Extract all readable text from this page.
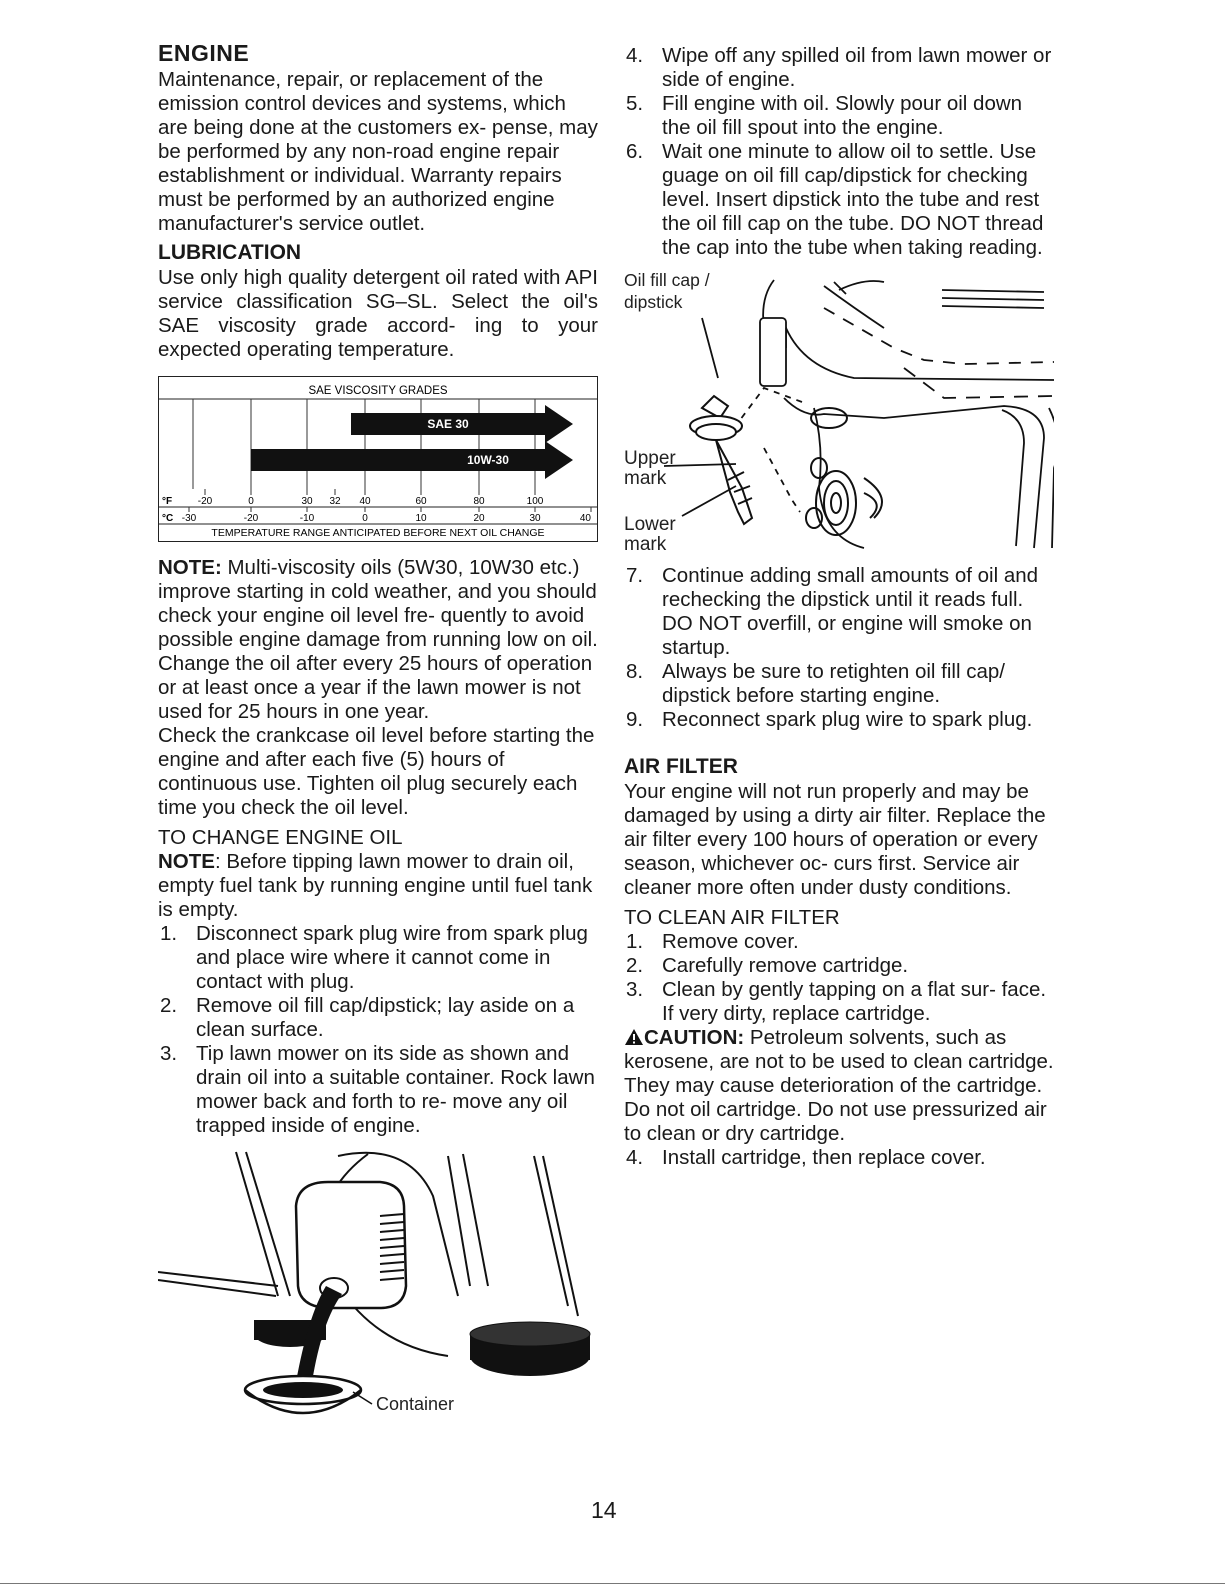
ENGINE

Maintenance, repair, or replacement of the emission control devices and systems, which are being done at the customers ex- pense, may be performed by any non-road engine repair establishment or individual. Warranty repairs must be performed by an authorized engine manufacturer's service outlet.

LUBRICATION

Use only high quality detergent oil rated with API service classification SG–SL. Select the oil's SAE viscosity grade accord- ing to your expected operating temperature.

SAE VISCOSITY GRADES
-20	0	30 32 40	60	80	100
-30	-20	-10	0	10	20	30	40
SAE 30
10W-30
°F
°C
TEMPERATURE RANGE ANTICIPATED BEFORE NEXT OIL CHANGE

NOTE: Multi-viscosity oils (5W30, 10W30 etc.) improve starting in cold weather, and you should check your engine oil level fre- quently to avoid possible engine damage from running low on oil.

Change the oil after every 25 hours of operation or at least once a year if the lawn mower is not used for 25 hours in one year.

Check the crankcase oil level before starting the engine and after each five (5) hours of continuous use. Tighten oil plug securely each time you check the oil level.

TO CHANGE ENGINE OIL

NOTE: Before tipping lawn mower to drain oil, empty fuel tank by running engine until fuel tank is empty.

1. Disconnect spark plug wire from spark plug and place wire where it cannot come in contact with plug.
2. Remove oil fill cap/dipstick; lay aside on a clean surface.
3. Tip lawn mower on its side as shown and drain oil into a suitable container. Rock lawn mower back and forth to re- move any oil trapped inside of engine.
Container
4. Wipe off any spilled oil from lawn mower or side of engine.
5. Fill engine with oil. Slowly pour oil down the oil fill spout into the engine.
6. Wait one minute to allow oil to settle. Use guage on oil fill cap/dipstick for checking level. Insert dipstick into the tube and rest the oil fill cap on the tube. DO NOT thread the cap into the tube when taking reading.
Oil fill cap /
dipstick
Upper
mark
Lower
mark
7. Continue adding small amounts of oil and rechecking the dipstick until it reads full. DO NOT overfill, or engine will smoke on startup.
8. Always be sure to retighten oil fill cap/ dipstick before starting engine.
9. Reconnect spark plug wire to spark plug.
AIR FILTER

Your engine will not run properly and may be damaged by using a dirty air filter. Replace the air filter every 100 hours of operation or every season, whichever oc- curs first. Service air cleaner more often under dusty conditions.

TO CLEAN AIR FILTER
1. Remove cover.
2. Carefully remove cartridge.
3. Clean by gently tapping on a flat sur- face. If very dirty, replace cartridge.

CAUTION: Petroleum solvents, such as kerosene, are not to be used to clean cartridge. They may cause deterioration of the cartridge. Do not oil cartridge. Do not use pressurized air to clean or dry cartridge.

4. Install cartridge, then replace cover.
14
